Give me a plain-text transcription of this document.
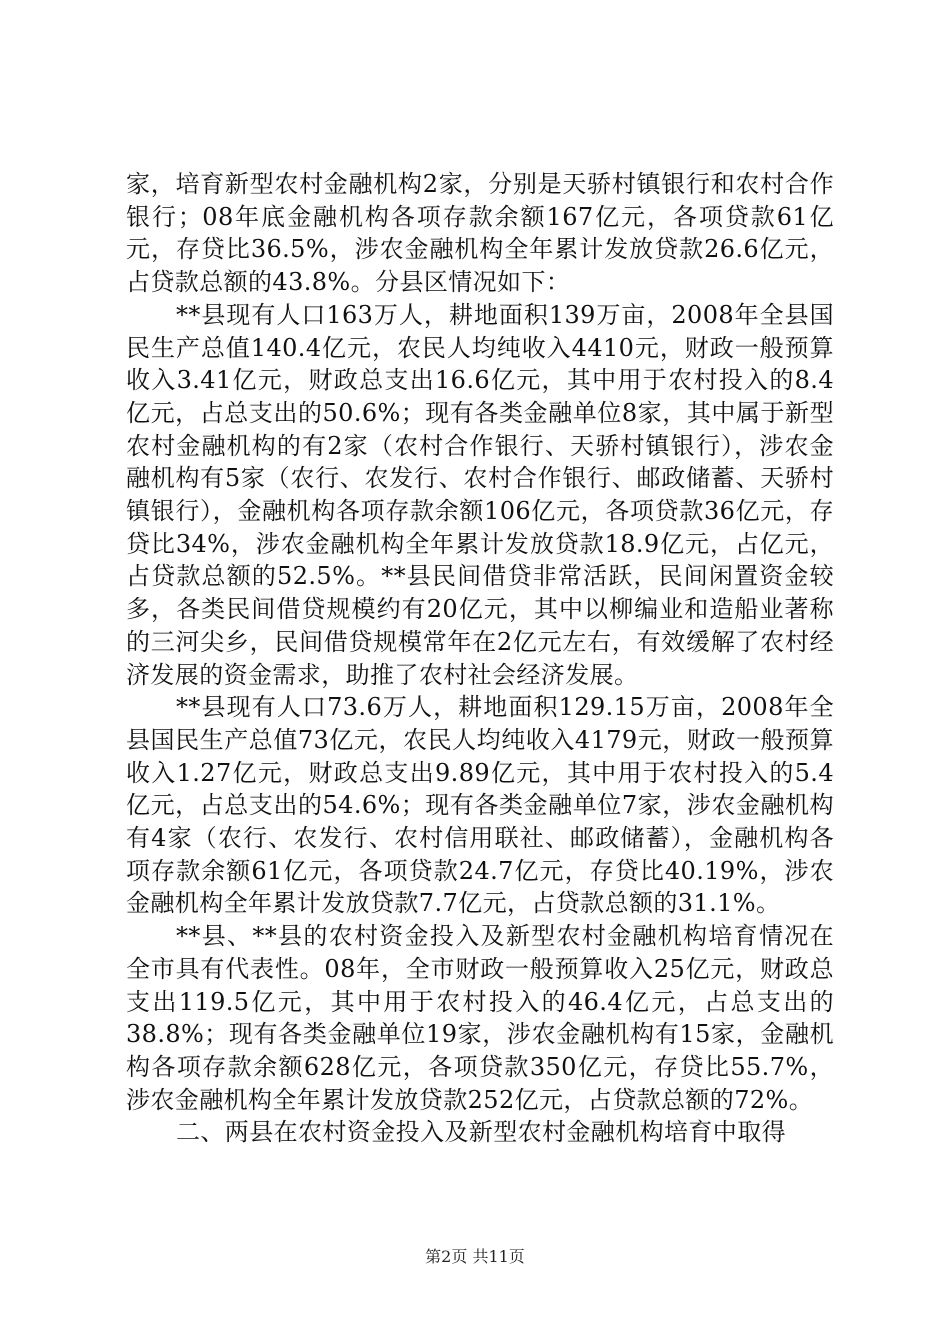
家，培育新型农村金融机构2家，分别是天骄村镇银行和农村合作银行；08年底金融机构各项存款余额167亿元，各项贷款61亿元，存贷比36.5%，涉农金融机构全年累计发放贷款26.6亿元，占贷款总额的43.8%。分县区情况如下：

**县现有人口163万人，耕地面积139万亩，2008年全县国民生产总值140.4亿元，农民人均纯收入4410元，财政一般预算收入3.41亿元，财政总支出16.6亿元，其中用于农村投入的8.4亿元，占总支出的50.6%；现有各类金融单位8家，其中属于新型农村金融机构的有2家（农村合作银行、天骄村镇银行），涉农金融机构有5家（农行、农发行、农村合作银行、邮政储蓄、天骄村镇银行），金融机构各项存款余额106亿元，各项贷款36亿元，存贷比34%，涉农金融机构全年累计发放贷款18.9亿元，占亿元，占贷款总额的52.5%。**县民间借贷非常活跃，民间闲置资金较多，各类民间借贷规模约有20亿元，其中以柳编业和造船业著称的三河尖乡，民间借贷规模常年在2亿元左右，有效缓解了农村经济发展的资金需求，助推了农村社会经济发展。

**县现有人口73.6万人，耕地面积129.15万亩，2008年全县国民生产总值73亿元，农民人均纯收入4179元，财政一般预算收入1.27亿元，财政总支出9.89亿元，其中用于农村投入的5.4亿元，占总支出的54.6%；现有各类金融单位7家，涉农金融机构有4家（农行、农发行、农村信用联社、邮政储蓄），金融机构各项存款余额61亿元，各项贷款24.7亿元，存贷比40.19%，涉农金融机构全年累计发放贷款7.7亿元，占贷款总额的31.1%。

**县、**县的农村资金投入及新型农村金融机构培育情况在全市具有代表性。08年，全市财政一般预算收入25亿元，财政总支出119.5亿元，其中用于农村投入的46.4亿元，占总支出的38.8%；现有各类金融单位19家，涉农金融机构有15家，金融机构各项存款余额628亿元，各项贷款350亿元，存贷比55.7%，涉农金融机构全年累计发放贷款252亿元，占贷款总额的72%。

二、两县在农村资金投入及新型农村金融机构培育中取得

第2页 共11页
